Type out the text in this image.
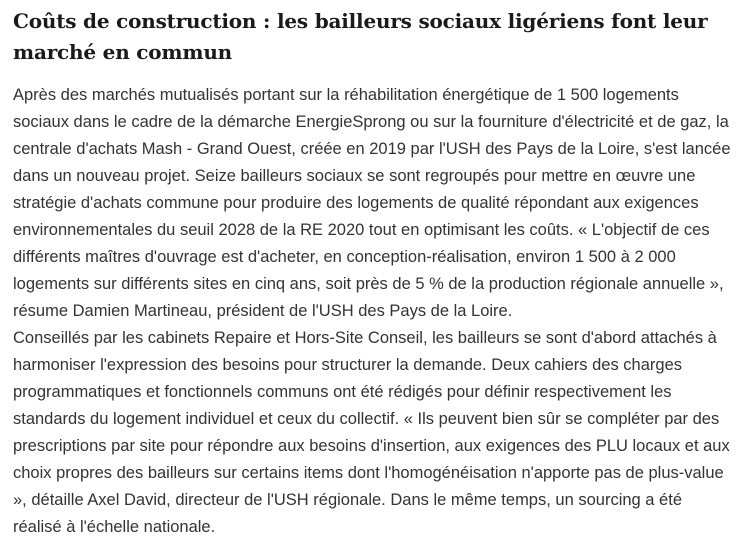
Coûts de construction : les bailleurs sociaux ligériens font leur marché en commun

Après des marchés mutualisés portant sur la réhabilitation énergétique de 1 500 logements sociaux dans le cadre de la démarche EnergieSprong ou sur la fourniture d'électricité et de gaz, la centrale d'achats Mash - Grand Ouest, créée en 2019 par l'USH des Pays de la Loire, s'est lancée dans un nouveau projet. Seize bailleurs sociaux se sont regroupés pour mettre en œuvre une stratégie d'achats commune pour produire des logements de qualité répondant aux exigences environnementales du seuil 2028 de la RE 2020 tout en optimisant les coûts. « L'objectif de ces différents maîtres d'ouvrage est d'acheter, en conception-réalisation, environ 1 500 à 2 000 logements sur différents sites en cinq ans, soit près de 5 % de la production régionale annuelle », résume Damien Martineau, président de l'USH des Pays de la Loire.

Conseillés par les cabinets Repaire et Hors-Site Conseil, les bailleurs se sont d'abord attachés à harmoniser l'expression des besoins pour structurer la demande. Deux cahiers des charges programmatiques et fonctionnels communs ont été rédigés pour définir respectivement les standards du logement individuel et ceux du collectif. « Ils peuvent bien sûr se compléter par des prescriptions par site pour répondre aux besoins d'insertion, aux exigences des PLU locaux et aux choix propres des bailleurs sur certains items dont l'homogénéisation n'apporte pas de plus-value », détaille Axel David, directeur de l'USH régionale. Dans le même temps, un sourcing a été réalisé à l'échelle nationale.
